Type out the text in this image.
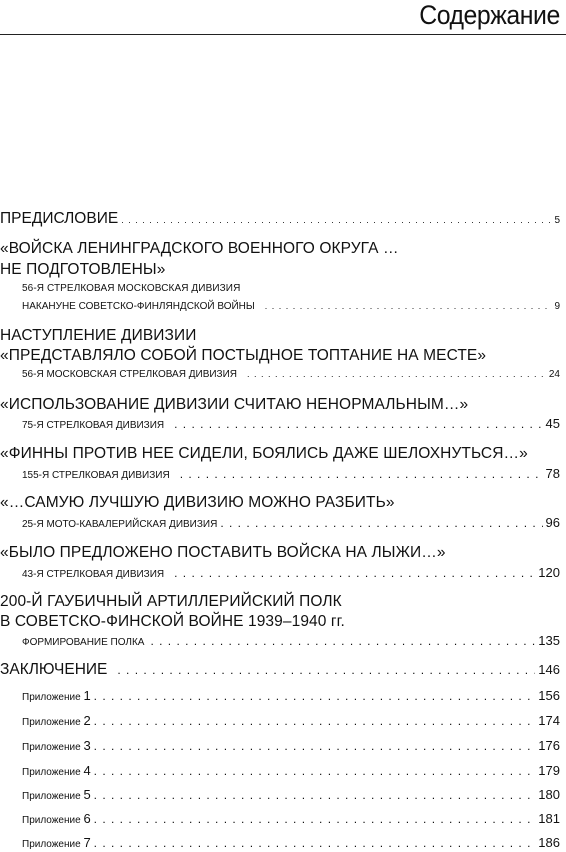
Содержание
ПРЕДИСЛОВИЕ . . .	5
«ВОЙСКА ЛЕНИНГРАДСКОГО ВОЕННОГО ОКРУГА …
НЕ ПОДГОТОВЛЕНЫ»
56-Я СТРЕЛКОВАЯ МОСКОВСКАЯ ДИВИЗИЯ
НАКАНУНЕ СОВЕТСКО-ФИНЛЯНДСКОЙ ВОЙНЫ . . .	9
НАСТУПЛЕНИЕ ДИВИЗИИ
«ПРЕДСТАВЛЯЛО СОБОЙ ПОСТЫДНОЕ ТОПТАНИЕ НА МЕСТЕ»
56-Я МОСКОВСКАЯ СТРЕЛКОВАЯ ДИВИЗИЯ . . .	24
«ИСПОЛЬЗОВАНИЕ ДИВИЗИИ СЧИТАЮ НЕНОРМАЛЬНЫМ…»
75-Я СТРЕЛКОВАЯ ДИВИЗИЯ . . .	45
«ФИННЫ ПРОТИВ НЕЕ СИДЕЛИ, БОЯЛИСЬ ДАЖЕ ШЕЛОХНУТЬСЯ…»
155-Я СТРЕЛКОВАЯ ДИВИЗИЯ . . .	78
«…САМУЮ ЛУЧШУЮ ДИВИЗИЮ МОЖНО РАЗБИТЬ»
25-Я МОТО-КАВАЛЕРИЙСКАЯ ДИВИЗИЯ . . .	96
«БЫЛО ПРЕДЛОЖЕНО ПОСТАВИТЬ ВОЙСКА НА ЛЫЖИ…»
43-Я СТРЕЛКОВАЯ ДИВИЗИЯ . . .	120
200-Й ГАУБИЧНЫЙ АРТИЛЛЕРИЙСКИЙ ПОЛК
В СОВЕТСКО-ФИНСКОЙ ВОЙНЕ 1939–1940 гг.
ФОРМИРОВАНИЕ ПОЛКА . . .	135
ЗАКЛЮЧЕНИЕ . . .	146
Приложение 1 . . .	156
Приложение 2 . . .	174
Приложение 3 . . .	176
Приложение 4 . . .	179
Приложение 5 . . .	180
Приложение 6 . . .	181
Приложение 7 . . .	186
